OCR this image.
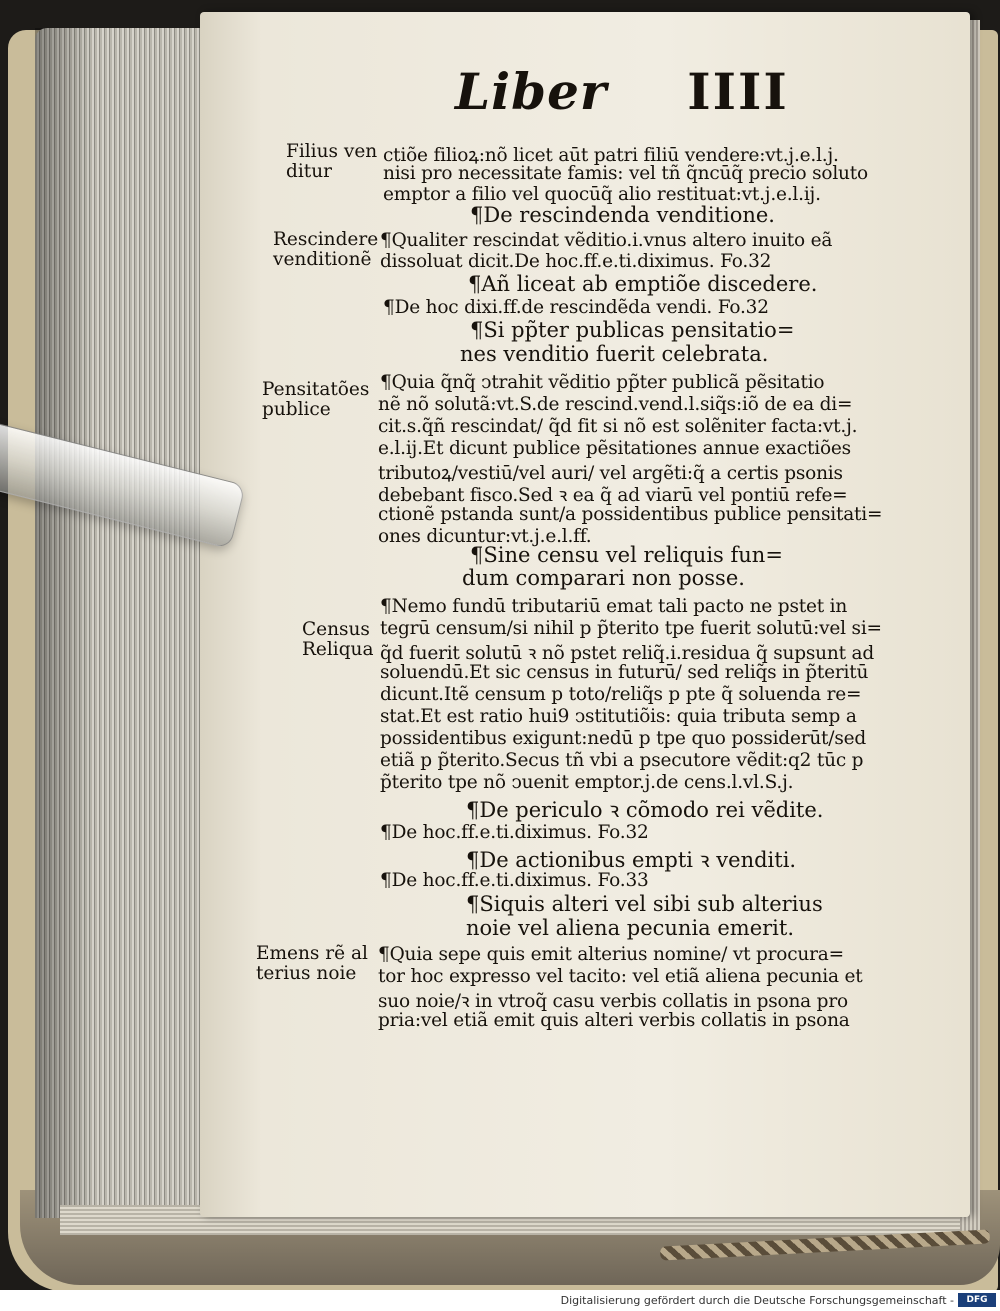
Liber IIII
Filius ven
ditur
Rescindere
venditionẽ
Pensitatões
publice
Census
Reliqua
Emens rẽ al
terius noie
ctiõe filioꝝ:nõ licet aūt patri filiū vendere:vt.j.e.l.j.
nisi pro necessitate famis: vel tñ q̃ncūq̃ precio soluto
emptor a filio vel quocūq̃ alio restituat:vt.j.e.l.ij.
¶De rescindenda venditione.
¶Qualiter rescindat vẽditio.i.vnus altero inuito eã
dissoluat dicit.De hoc.ff.e.ti.diximus. Fo.32
¶Añ liceat ab emptiõe discedere.
¶De hoc dixi.ff.de rescindẽda vendi. Fo.32
¶Si pp̃ter publicas pensitatio=
nes venditio fuerit celebrata.
¶Quia q̃nq̃ ↄtrahit vẽditio pp̃ter publicã pẽsitatio
nẽ nõ solutã:vt.S.de rescind.vend.l.siq̃s:iõ de ea di=
cit.s.q̃ñ rescindat/ q̃d fit si nõ est solẽniter facta:vt.j.
e.l.ij.Et dicunt publice pẽsitationes annue exactiões
tributoꝝ/vestiū/vel auri/ vel argẽti:q̃ a certis psonis
debebant fisco.Sed ꝛ ea q̃ ad viarū vel pontiū refe=
ctionẽ pstanda sunt/a possidentibus publice pensitati=
ones dicuntur:vt.j.e.l.ff.
¶Sine censu vel reliquis fun=
dum comparari non posse.
¶Nemo fundū tributariū emat tali pacto ne pstet in
tegrū censum/si nihil p p̃terito tpe fuerit solutū:vel si=
q̃d fuerit solutū ꝛ nõ pstet reliq̃.i.residua q̃ supsunt ad
soluendū.Et sic census in futurū/ sed reliq̃s in p̃teritū
dicunt.Itẽ censum p toto/reliq̃s p pte q̃ soluenda re=
stat.Et est ratio hui9 ↄstitutiõis: quia tributa semp a
possidentibus exigunt:nedū p tpe quo possiderūt/sed
etiã p p̃terito.Secus tñ vbi a psecutore vẽdit:q2 tūc p
p̃terito tpe nõ ↄuenit emptor.j.de cens.l.vl.S.j.
¶De periculo ꝛ cõmodo rei vẽdite.
¶De hoc.ff.e.ti.diximus. Fo.32
¶De actionibus empti ꝛ venditi.
¶De hoc.ff.e.ti.diximus. Fo.33
¶Siquis alteri vel sibi sub alterius
noie vel aliena pecunia emerit.
¶Quia sepe quis emit alterius nomine/ vt procura=
tor hoc expresso vel tacito: vel etiã aliena pecunia et
suo noie/ꝛ in vtroq̃ casu verbis collatis in psona pro
pria:vel etiã emit quis alteri verbis collatis in psona
Digitalisierung gefördert durch die Deutsche Forschungsgemeinschaft -	DFG
